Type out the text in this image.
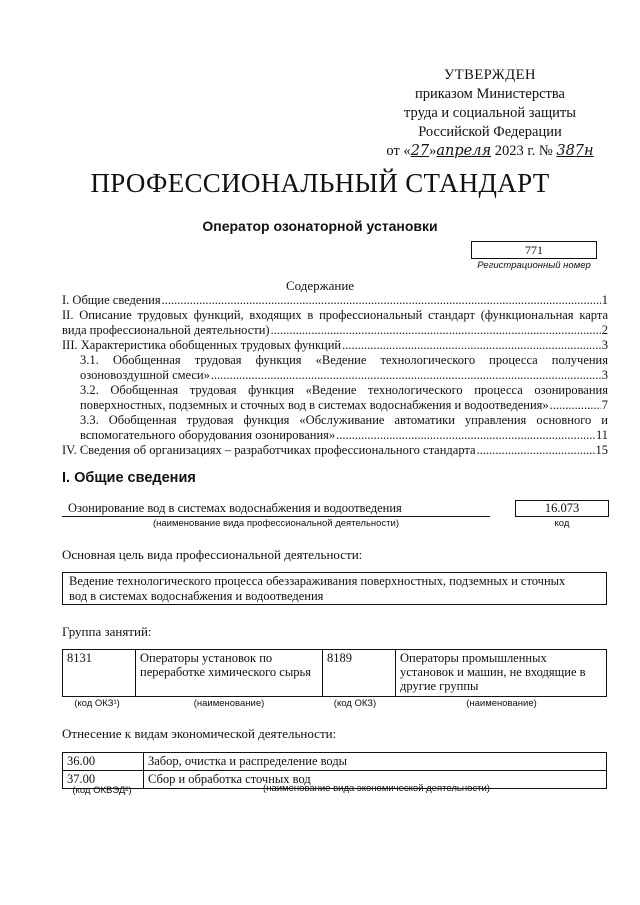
УТВЕРЖДЕН
приказом Министерства
труда и социальной защиты
Российской Федерации
от «27»апреля 2023 г. № 387н
ПРОФЕССИОНАЛЬНЫЙ СТАНДАРТ
Оператор озонаторной установки
771
Регистрационный номер
Содержание
I. Общие сведения .....	1
II. Описание трудовых функций, входящих в профессиональный стандарт (функциональная карта
вида профессиональной деятельности) .....	2
III. Характеристика обобщенных трудовых функций .....	3
3.1. Обобщенная трудовая функция «Ведение технологического процесса получения
озоновоздушной смеси» .....	3
3.2. Обобщенная трудовая функция «Ведение технологического процесса озонирования
поверхностных, подземных и сточных вод в системах водоснабжения и водоотведения» .....	7
3.3. Обобщенная трудовая функция «Обслуживание автоматики управления основного и
вспомогательного оборудования озонирования» .....	11
IV. Сведения об организациях – разработчиках профессионального стандарта .....	15
I. Общие сведения
Озонирование вод в системах водоснабжения и водоотведения
(наименование вида профессиональной деятельности)
16.073
код
Основная цель вида профессиональной деятельности:
Ведение технологического процесса обеззараживания поверхностных, подземных и сточных
вод в системах водоснабжения и водоотведения
Группа занятий:
8131	Операторы установок по переработке химического сырья	8189	Операторы промышленных установок и машин, не входящие в другие группы
(код ОКЗ¹)	(наименование)	(код ОКЗ)	(наименование)
Отнесение к видам экономической деятельности:
36.00	Забор, очистка и распределение воды
37.00	Сбор и обработка сточных вод
(код ОКВЭД²)	(наименование вида экономической деятельности)
